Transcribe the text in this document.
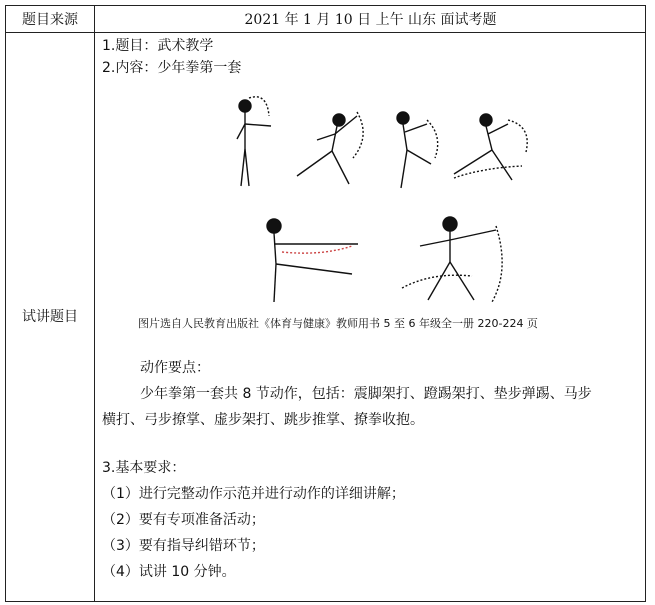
题目来源	2021 年 1 月 10 日 上午 山东 面试考题
试讲题目
1.题目：武术教学
2.内容：少年拳第一套
图片选自人民教育出版社《体育与健康》教师用书 5 至 6 年级全一册 220-224 页
动作要点：
少年拳第一套共 8 节动作，包括：震脚架打、蹬踢架打、垫步弹踢、马步
横打、弓步撩掌、虚步架打、跳步推掌、撩拳收抱。
3.基本要求：
（1）进行完整动作示范并进行动作的详细讲解；
（2）要有专项准备活动；
（3）要有指导纠错环节；
（4）试讲 10 分钟。
